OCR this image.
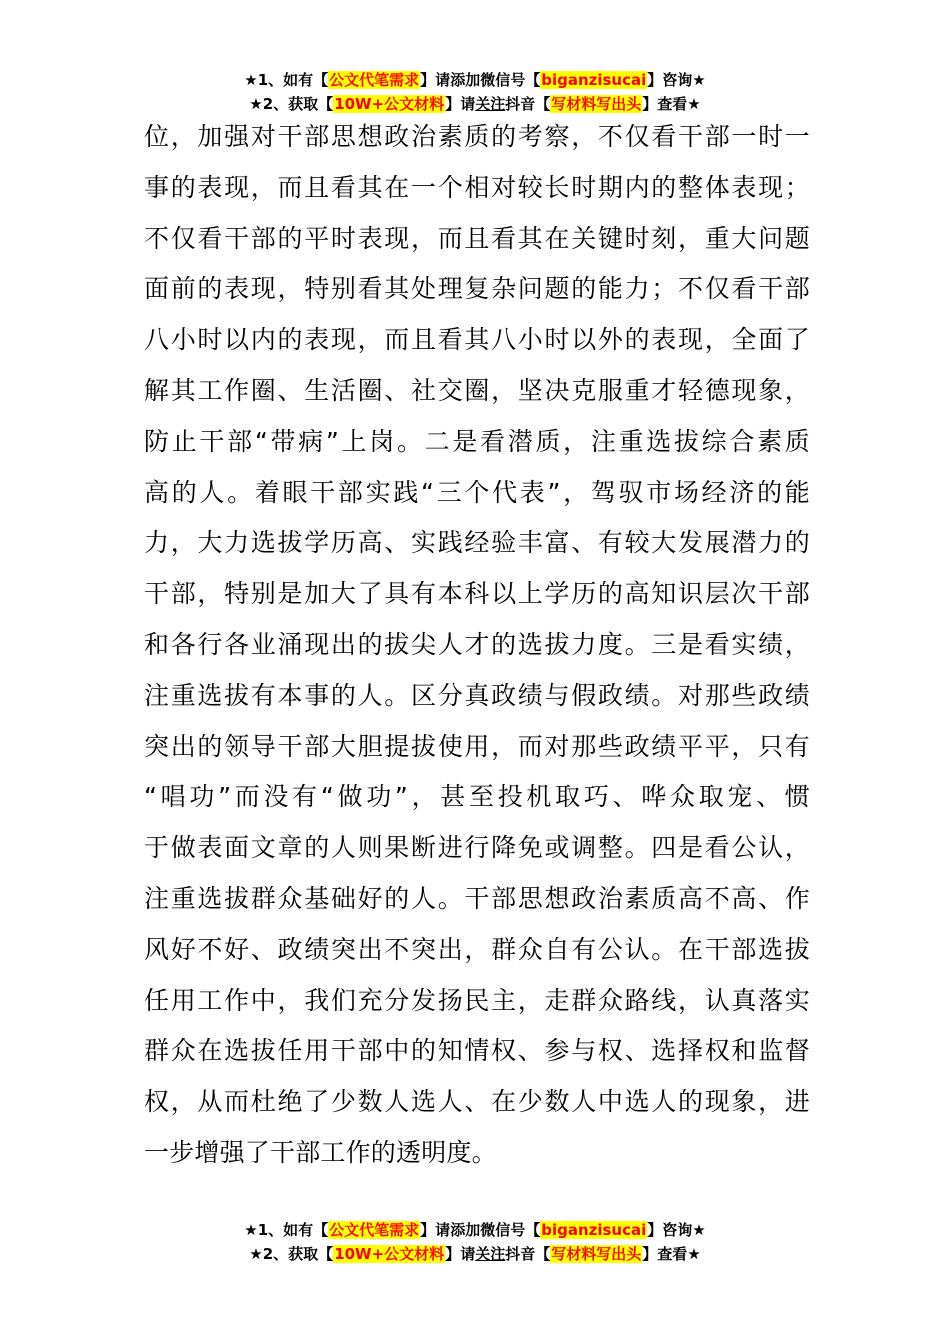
★1、如有【公文代笔需求】请添加微信号【biganzisucai】咨询★
★2、获取【10W+公文材料】请关注抖音【写材料写出头】查看★
位，加强对干部思想政治素质的考察，不仅看干部一时一
事的表现，而且看其在一个相对较长时期内的整体表现；
不仅看干部的平时表现，而且看其在关键时刻，重大问题
面前的表现，特别看其处理复杂问题的能力；不仅看干部
八小时以内的表现，而且看其八小时以外的表现，全面了
解其工作圈、生活圈、社交圈，坚决克服重才轻德现象，
防止干部“带病”上岗。二是看潜质，注重选拔综合素质
高的人。着眼干部实践“三个代表”，驾驭市场经济的能
力，大力选拔学历高、实践经验丰富、有较大发展潜力的
干部，特别是加大了具有本科以上学历的高知识层次干部
和各行各业涌现出的拔尖人才的选拔力度。三是看实绩，
注重选拔有本事的人。区分真政绩与假政绩。对那些政绩
突出的领导干部大胆提拔使用，而对那些政绩平平，只有
“唱功”而没有“做功”，甚至投机取巧、哗众取宠、惯
于做表面文章的人则果断进行降免或调整。四是看公认，
注重选拔群众基础好的人。干部思想政治素质高不高、作
风好不好、政绩突出不突出，群众自有公认。在干部选拔
任用工作中，我们充分发扬民主，走群众路线，认真落实
群众在选拔任用干部中的知情权、参与权、选择权和监督
权，从而杜绝了少数人选人、在少数人中选人的现象，进
一步增强了干部工作的透明度。
★1、如有【公文代笔需求】请添加微信号【biganzisucai】咨询★
★2、获取【10W+公文材料】请关注抖音【写材料写出头】查看★
